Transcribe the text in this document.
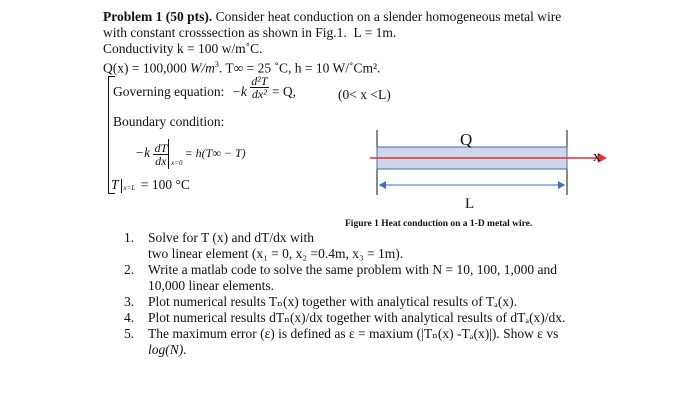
Problem 1 (50 pts). Consider heat conduction on a slender homogeneous metal wire
with constant crosssection as shown in Fig.1. L = 1m.
Conductivity k = 100 w/m˚C.
Q(x) = 100,000 $W/m^3$. T∞ = 25 ˚C, h = 10 W/˚Cm².
Governing equation: $-k \frac{\text{d²T}}{\text{dx²}} = Q$,	(0< x <L)
Boundary condition:
$-k \frac{dT}{dx} x=0$
= h(T∞ − T)
T x=L = 100 °C
Q
x
L
Figure 1 Heat conduction on a 1-D metal wire.
1. Solve for T (x) and dT/dx with
two linear element (x₁ = 0, x₂ =0.4m, x₃ = 1m).
2. Write a matlab code to solve the same problem with N = 10, 100, 1,000 and
10,000 linear elements.
3. Plot numerical results Tₙ(x) together with analytical results of Tₐ(x).
4. Plot numerical results dTₙ(x)/dx together with analytical results of dTₐ(x)/dx.
5. The maximum error (ε) is defined as ε = maxium (|Tₙ(x) -Tₐ(x)|). Show ε vs
log(N).
